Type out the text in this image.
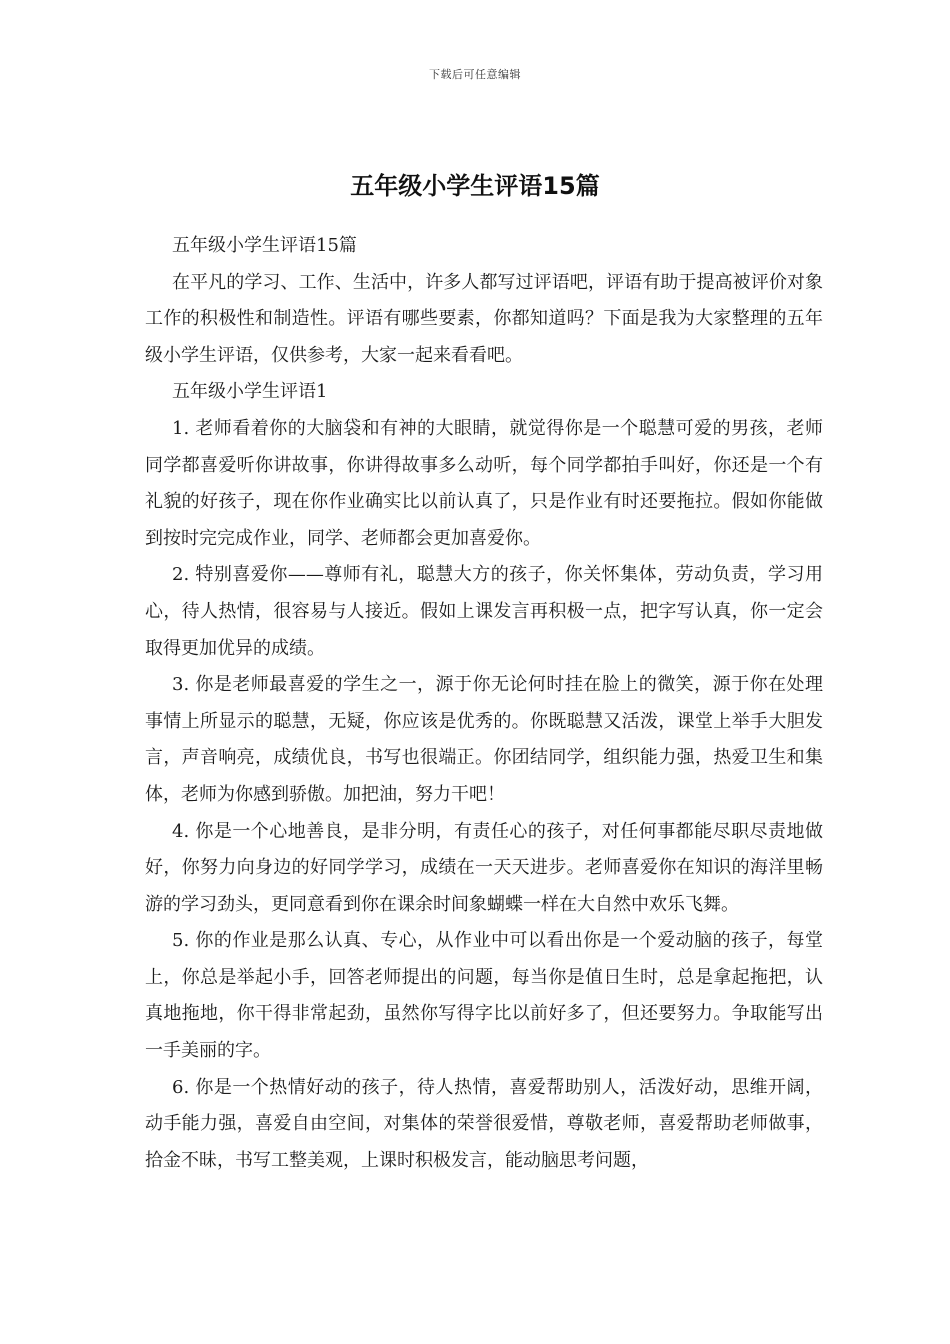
下载后可任意编辑
五年级小学生评语15篇

五年级小学生评语15篇

在平凡的学习、工作、生活中，许多人都写过评语吧，评语有助于提高被评价对象工作的积极性和制造性。评语有哪些要素，你都知道吗？下面是我为大家整理的五年级小学生评语，仅供参考，大家一起来看看吧。

五年级小学生评语1

1. 老师看着你的大脑袋和有神的大眼睛，就觉得你是一个聪慧可爱的男孩，老师同学都喜爱听你讲故事，你讲得故事多么动听，每个同学都拍手叫好，你还是一个有礼貌的好孩子，现在你作业确实比以前认真了，只是作业有时还要拖拉。假如你能做到按时完完成作业，同学、老师都会更加喜爱你。

2. 特别喜爱你——尊师有礼，聪慧大方的孩子，你关怀集体，劳动负责，学习用心，待人热情，很容易与人接近。假如上课发言再积极一点，把字写认真，你一定会取得更加优异的成绩。

3. 你是老师最喜爱的学生之一，源于你无论何时挂在脸上的微笑，源于你在处理事情上所显示的聪慧，无疑，你应该是优秀的。你既聪慧又活泼，课堂上举手大胆发言，声音响亮，成绩优良，书写也很端正。你团结同学，组织能力强，热爱卫生和集体，老师为你感到骄傲。加把油，努力干吧！

4. 你是一个心地善良，是非分明，有责任心的孩子，对任何事都能尽职尽责地做好，你努力向身边的好同学学习，成绩在一天天进步。老师喜爱你在知识的海洋里畅游的学习劲头，更同意看到你在课余时间象蝴蝶一样在大自然中欢乐飞舞。

5. 你的作业是那么认真、专心，从作业中可以看出你是一个爱动脑的孩子，每堂上，你总是举起小手，回答老师提出的问题，每当你是值日生时，总是拿起拖把，认真地拖地，你干得非常起劲，虽然你写得字比以前好多了，但还要努力。争取能写出一手美丽的字。

6. 你是一个热情好动的孩子，待人热情，喜爱帮助别人，活泼好动，思维开阔，动手能力强，喜爱自由空间，对集体的荣誉很爱惜，尊敬老师，喜爱帮助老师做事，拾金不昧，书写工整美观，上课时积极发言，能动脑思考问题，
